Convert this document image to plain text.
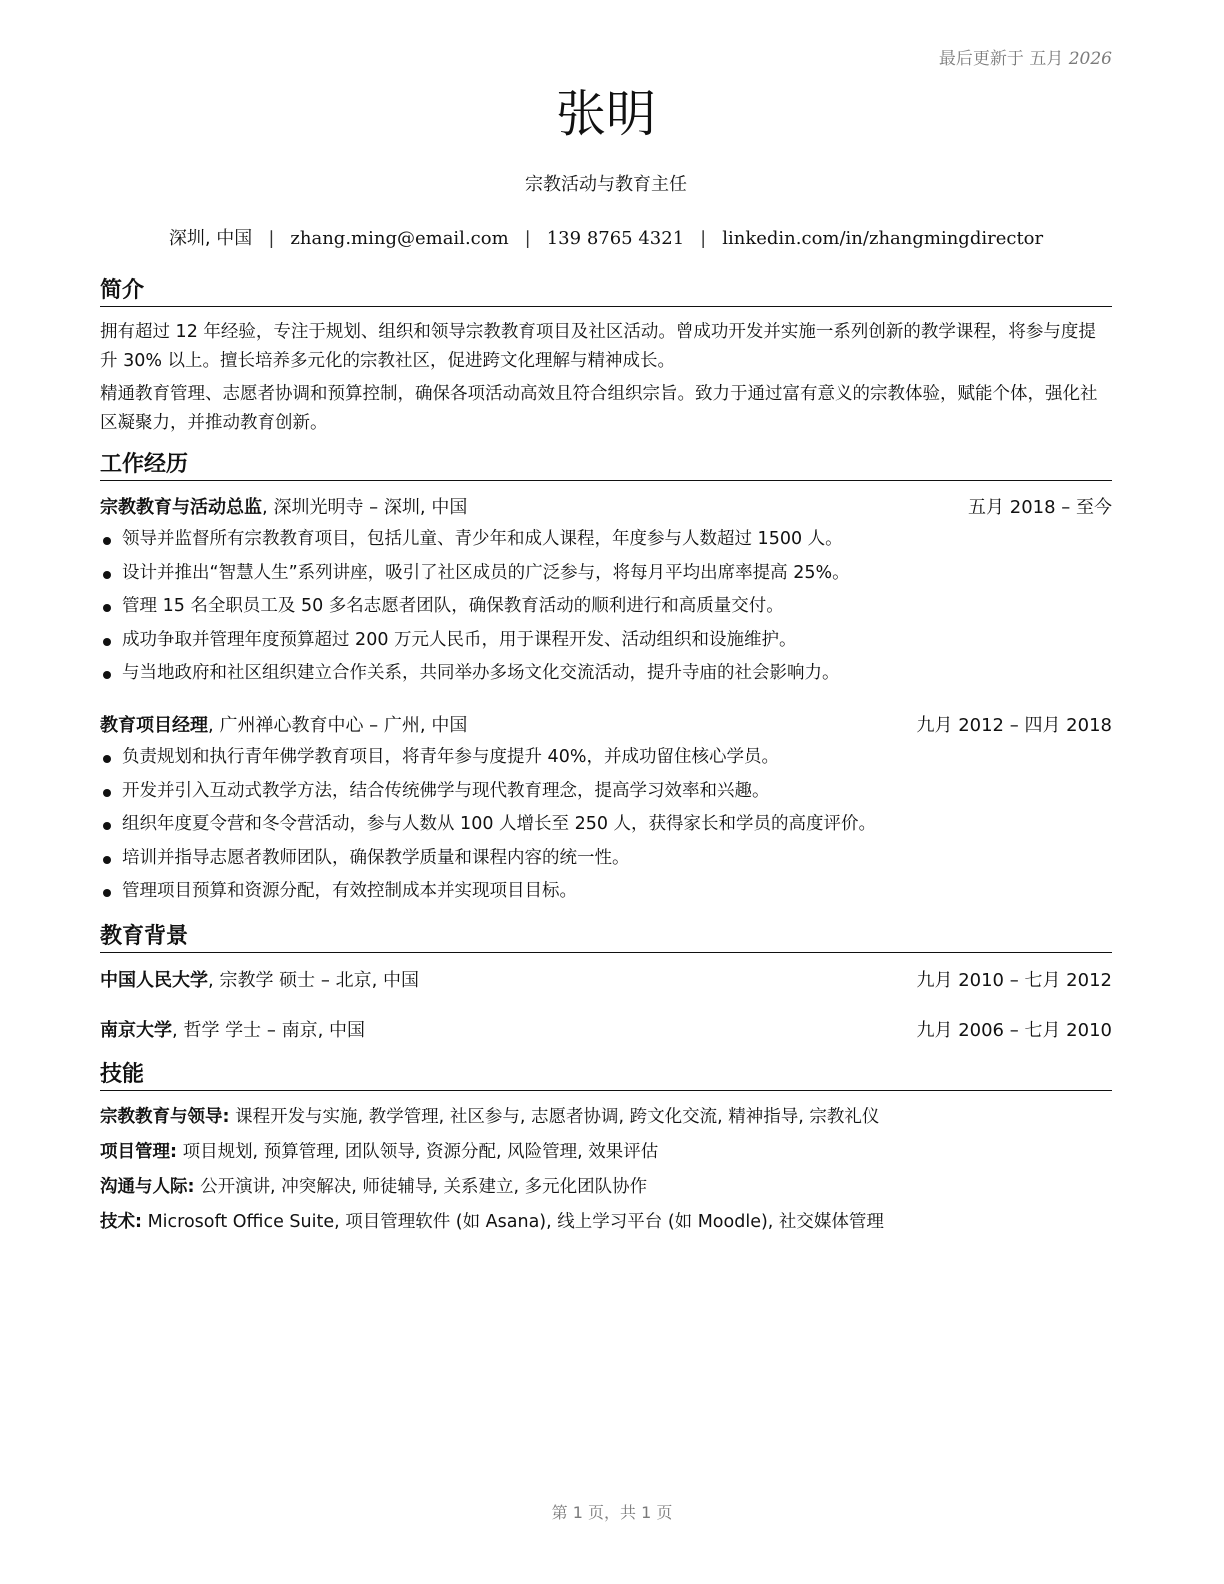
最后更新于 五月 2026
张明
宗教活动与教育主任
深圳, 中国 | zhang.ming@email.com | 139 8765 4321 | linkedin.com/in/zhangmingdirector
简介
拥有超过 12 年经验，专注于规划、组织和领导宗教教育项目及社区活动。曾成功开发并实施一系列创新的教学课程，将参与度提升 30% 以上。擅长培养多元化的宗教社区，促进跨文化理解与精神成长。
精通教育管理、志愿者协调和预算控制，确保各项活动高效且符合组织宗旨。致力于通过富有意义的宗教体验，赋能个体，强化社区凝聚力，并推动教育创新。
工作经历
宗教教育与活动总监, 深圳光明寺 – 深圳, 中国	五月 2018 – 至今
领导并监督所有宗教教育项目，包括儿童、青少年和成人课程，年度参与人数超过 1500 人。
设计并推出“智慧人生”系列讲座，吸引了社区成员的广泛参与，将每月平均出席率提高 25%。
管理 15 名全职员工及 50 多名志愿者团队，确保教育活动的顺利进行和高质量交付。
成功争取并管理年度预算超过 200 万元人民币，用于课程开发、活动组织和设施维护。
与当地政府和社区组织建立合作关系，共同举办多场文化交流活动，提升寺庙的社会影响力。
教育项目经理, 广州禅心教育中心 – 广州, 中国	九月 2012 – 四月 2018
负责规划和执行青年佛学教育项目，将青年参与度提升 40%，并成功留住核心学员。
开发并引入互动式教学方法，结合传统佛学与现代教育理念，提高学习效率和兴趣。
组织年度夏令营和冬令营活动，参与人数从 100 人增长至 250 人，获得家长和学员的高度评价。
培训并指导志愿者教师团队，确保教学质量和课程内容的统一性。
管理项目预算和资源分配，有效控制成本并实现项目目标。
教育背景
中国人民大学, 宗教学 硕士 – 北京, 中国	九月 2010 – 七月 2012
南京大学, 哲学 学士 – 南京, 中国	九月 2006 – 七月 2010
技能
宗教教育与领导: 课程开发与实施, 教学管理, 社区参与, 志愿者协调, 跨文化交流, 精神指导, 宗教礼仪
项目管理: 项目规划, 预算管理, 团队领导, 资源分配, 风险管理, 效果评估
沟通与人际: 公开演讲, 冲突解决, 师徒辅导, 关系建立, 多元化团队协作
技术: Microsoft Office Suite, 项目管理软件 (如 Asana), 线上学习平台 (如 Moodle), 社交媒体管理
第 1 页，共 1 页
